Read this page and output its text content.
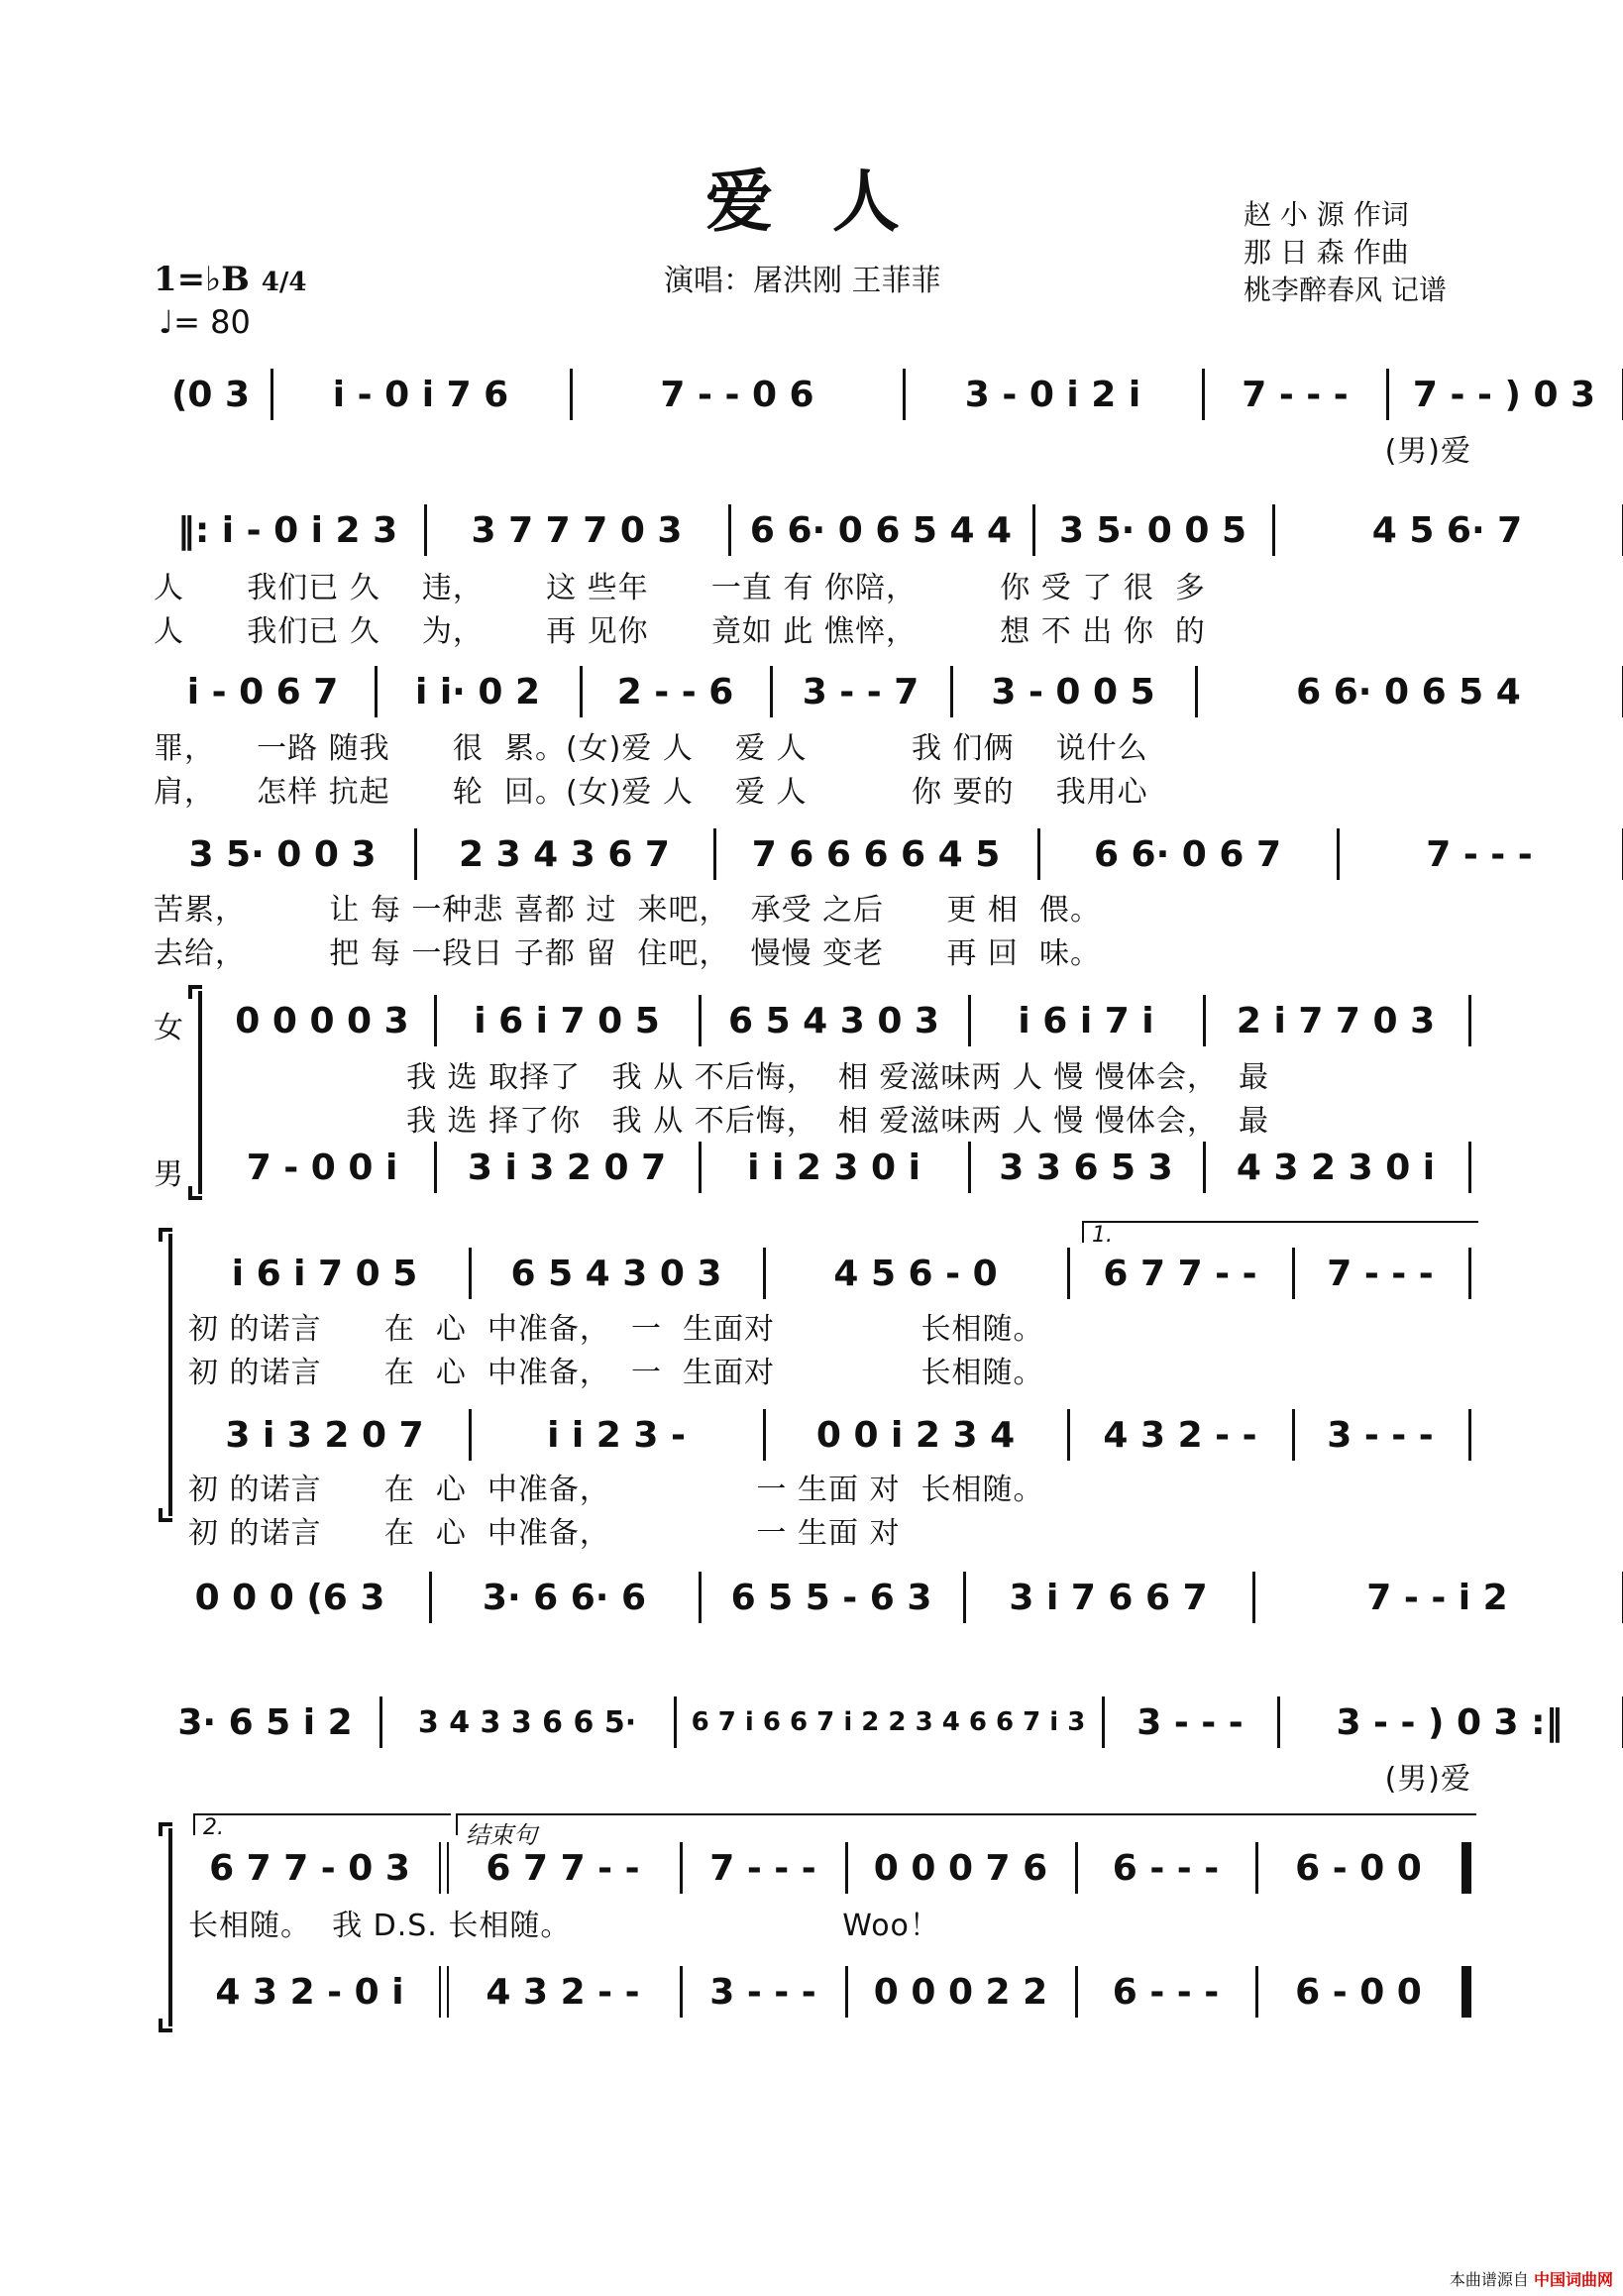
爱 人
演唱：屠洪刚 王菲菲
赵 小 源 作词
那 日 森 作曲
桃李醉春风 记谱
1=♭B 4/4
♩= 80
(0 3	i - 0 i 7 6	7 - - 0 6	3 - 0 i 2 i	7 - - -	7 - - ) 0 3
(男)爱
‖: i - 0 i 2 3	3 7 7 7 0 3	6 6· 0 6 5 4 4	3 5· 0 0 5	4 5 6· 7
人      我们已 久    违，      这 些年      一直 有 你陪，        你 受 了 很  多
人      我们已 久    为，      再 见你      竟如 此 憔悴，        想 不 出 你  的
i - 0 6 7	i i· 0 2	2 - - 6	3 - - 7	3 - 0 0 5	6 6· 0 6 5 4
罪，    一路 随我      很  累。(女)爱 人    爱 人          我 们俩    说什么
肩，    怎样 抗起      轮  回。(女)爱 人    爱 人          你 要的    我用心
3 5· 0 0 3	2 3 4 3 6 7	7 6 6 6 6 4 5	6 6· 0 6 7	7 - - -
苦累，        让 每 一种悲 喜都 过  来吧，  承受 之后      更 相  偎。
去给，        把 每 一段日 子都 留  住吧，  慢慢 变老      再 回  味。
女
男
0 0 0 0 3	i 6 i 7 0 5	6 5 4 3 0 3	i 6 i 7 i	2 i 7 7 0 3
我 选 取择了   我 从 不后悔，  相 爱滋味两 人 慢 慢体会，  最
我 选 择了你   我 从 不后悔，  相 爱滋味两 人 慢 慢体会，  最
7 - 0 0 i	3 i 3 2 0 7	i i 2 3 0 i	3 3 6 5 3	4 3 2 3 0 i
1.
i 6 i 7 0 5	6 5 4 3 0 3	4 5 6 - 0	6 7 7 - -	7 - - -
初 的诺言      在  心  中准备，  一  生面对              长相随。
初 的诺言      在  心  中准备，  一  生面对              长相随。
3 i 3 2 0 7	i i 2 3 -	0 0 i 2 3 4	4 3 2 - -	3 - - -
初 的诺言      在  心  中准备，              一 生面 对  长相随。
初 的诺言      在  心  中准备，              一 生面 对
0 0 0 (6 3	3· 6 6· 6	6 5 5 - 6 3	3 i 7 6 6 7	7 - - i 2
3· 6 5 i 2	3 4 3 3 6 6 5·	6 7 i 6 6 7 i 2 2 3 4 6 6 7 i 3	3 - - -	3 - - ) 0 3 :‖
(男)爱
2.	结束句
6 7 7 - 0 3	6 7 7 - -	7 - - -	0 0 0 7 6	6 - - -	6 - 0 0
长相随。  我 D.S. 长相随。                          Woo！
4 3 2 - 0 i	4 3 2 - -	3 - - -	0 0 0 2 2	6 - - -	6 - 0 0
本曲谱源自 中国词曲网
